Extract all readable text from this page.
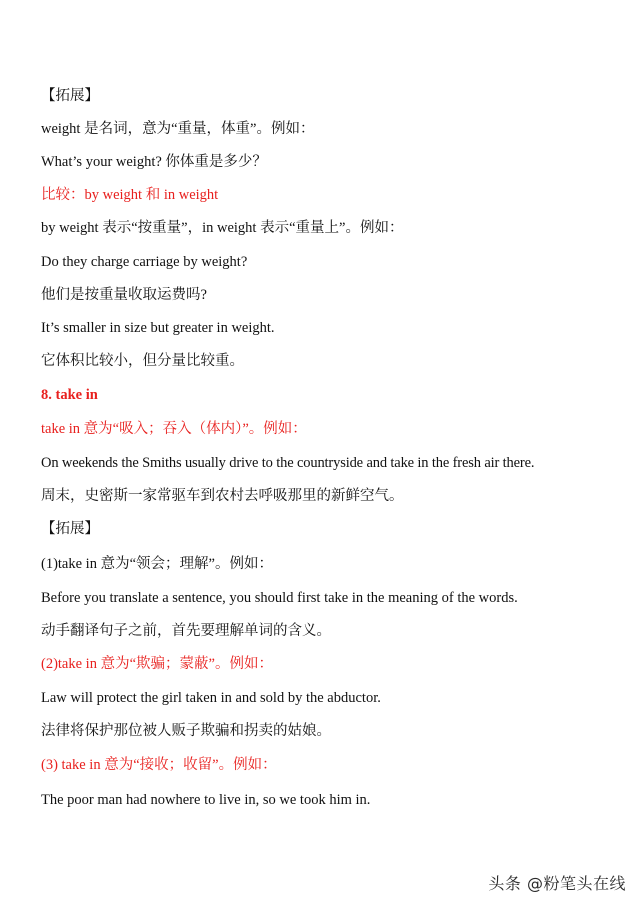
【拓展】
weight 是名词，意为“重量，体重”。例如：
What’s your weight? 你体重是多少？
比较：by weight 和 in weight
by weight 表示“按重量”，in weight 表示“重量上”。例如：
Do they charge carriage by weight?
他们是按重量收取运费吗?
It’s smaller in size but greater in weight.
它体积比较小，但分量比较重。
8. take in
take in 意为“吸入；吞入（体内）”。例如：
On weekends the Smiths usually drive to the countryside and take in the fresh air there.
周末，史密斯一家常驱车到农村去呼吸那里的新鲜空气。
【拓展】
(1)take in 意为“领会；理解”。例如：
Before you translate a sentence, you should first take in the meaning of the words.
动手翻译句子之前，首先要理解单词的含义。
(2)take in 意为“欺骗；蒙蔽”。例如：
Law will protect the girl taken in and sold by the abductor.
法律将保护那位被人贩子欺骗和拐卖的姑娘。
(3) take in 意为“接收；收留”。例如：
The poor man had nowhere to live in, so we took him in.
头条 @粉笔头在线
